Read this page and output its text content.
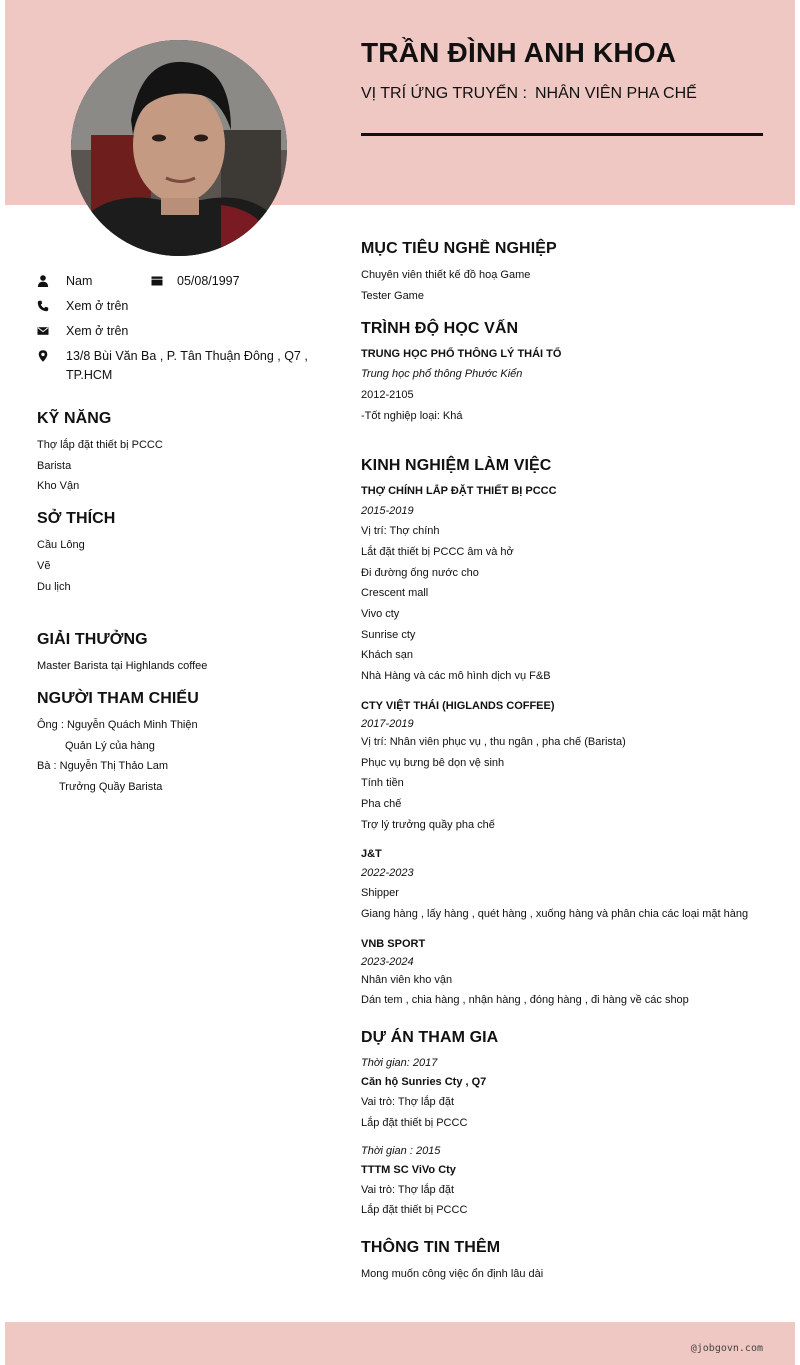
TRẦN ĐÌNH ANH KHOA
VỊ TRÍ ỨNG TRUYỂN : NHÂN VIÊN PHA CHẾ
Nam	05/08/1997
Xem ở trên
Xem ở trên
13/8 Bùi Văn Ba , P. Tân Thuận Đông , Q7 , TP.HCM
KỸ NĂNG
Thợ lắp đặt thiết bị PCCC
Barista
Kho Vận
SỞ THÍCH
Cầu Lông
Vẽ
Du lịch
GIẢI THƯỞNG
Master Barista tại Highlands coffee
NGƯỜI THAM CHIẾU
Ông : Nguyễn Quách Minh Thiện
Quản Lý của hàng
Bà : Nguyễn Thị Thảo Lam
Trưởng Quầy Barista
MỤC TIÊU NGHỀ NGHIỆP
Chuyên viên thiết kế đồ hoạ Game
Tester Game
TRÌNH ĐỘ HỌC VẤN
TRUNG HỌC PHỔ THÔNG LÝ THÁI TỔ
Trung học phổ thông Phước Kiển
2012-2105
-Tốt nghiệp loại: Khá
KINH NGHIỆM LÀM VIỆC
THỢ CHÍNH LẮP ĐẶT THIẾT BỊ PCCC
2015-2019
Vị trí: Thợ chính
Lắt đặt thiết bị PCCC âm và hở
Đi đường ống nước cho
Crescent mall
Vivo cty
Sunrise cty
Khách sạn
Nhà Hàng và các mô hình dịch vụ F&B
CTY VIỆT THÁI (HIGLANDS COFFEE)
2017-2019
Vị trí: Nhân viên phục vụ , thu ngân , pha chế (Barista)
Phục vụ bưng bê dọn vệ sinh
Tính tiền
Pha chế
Trợ lý trưởng quầy pha chế
J&T
2022-2023
Shipper
Giang hàng , lấy hàng , quét hàng , xuống hàng và phân chia các loại mặt hàng
VNB SPORT
2023-2024
Nhân viên kho vận
Dán tem , chia hàng , nhận hàng , đóng hàng , đi hàng về các shop
DỰ ÁN THAM GIA
Thời gian: 2017
Căn hộ Sunries Cty , Q7
Vai trò: Thợ lắp đặt
Lắp đặt thiết bị PCCC
Thời gian : 2015
TTTM SC ViVo Cty
Vai trò: Thợ lắp đặt
Lắp đặt thiết bị PCCC
THÔNG TIN THÊM
Mong muốn công việc ổn định lâu dài
@jobgovn.com
